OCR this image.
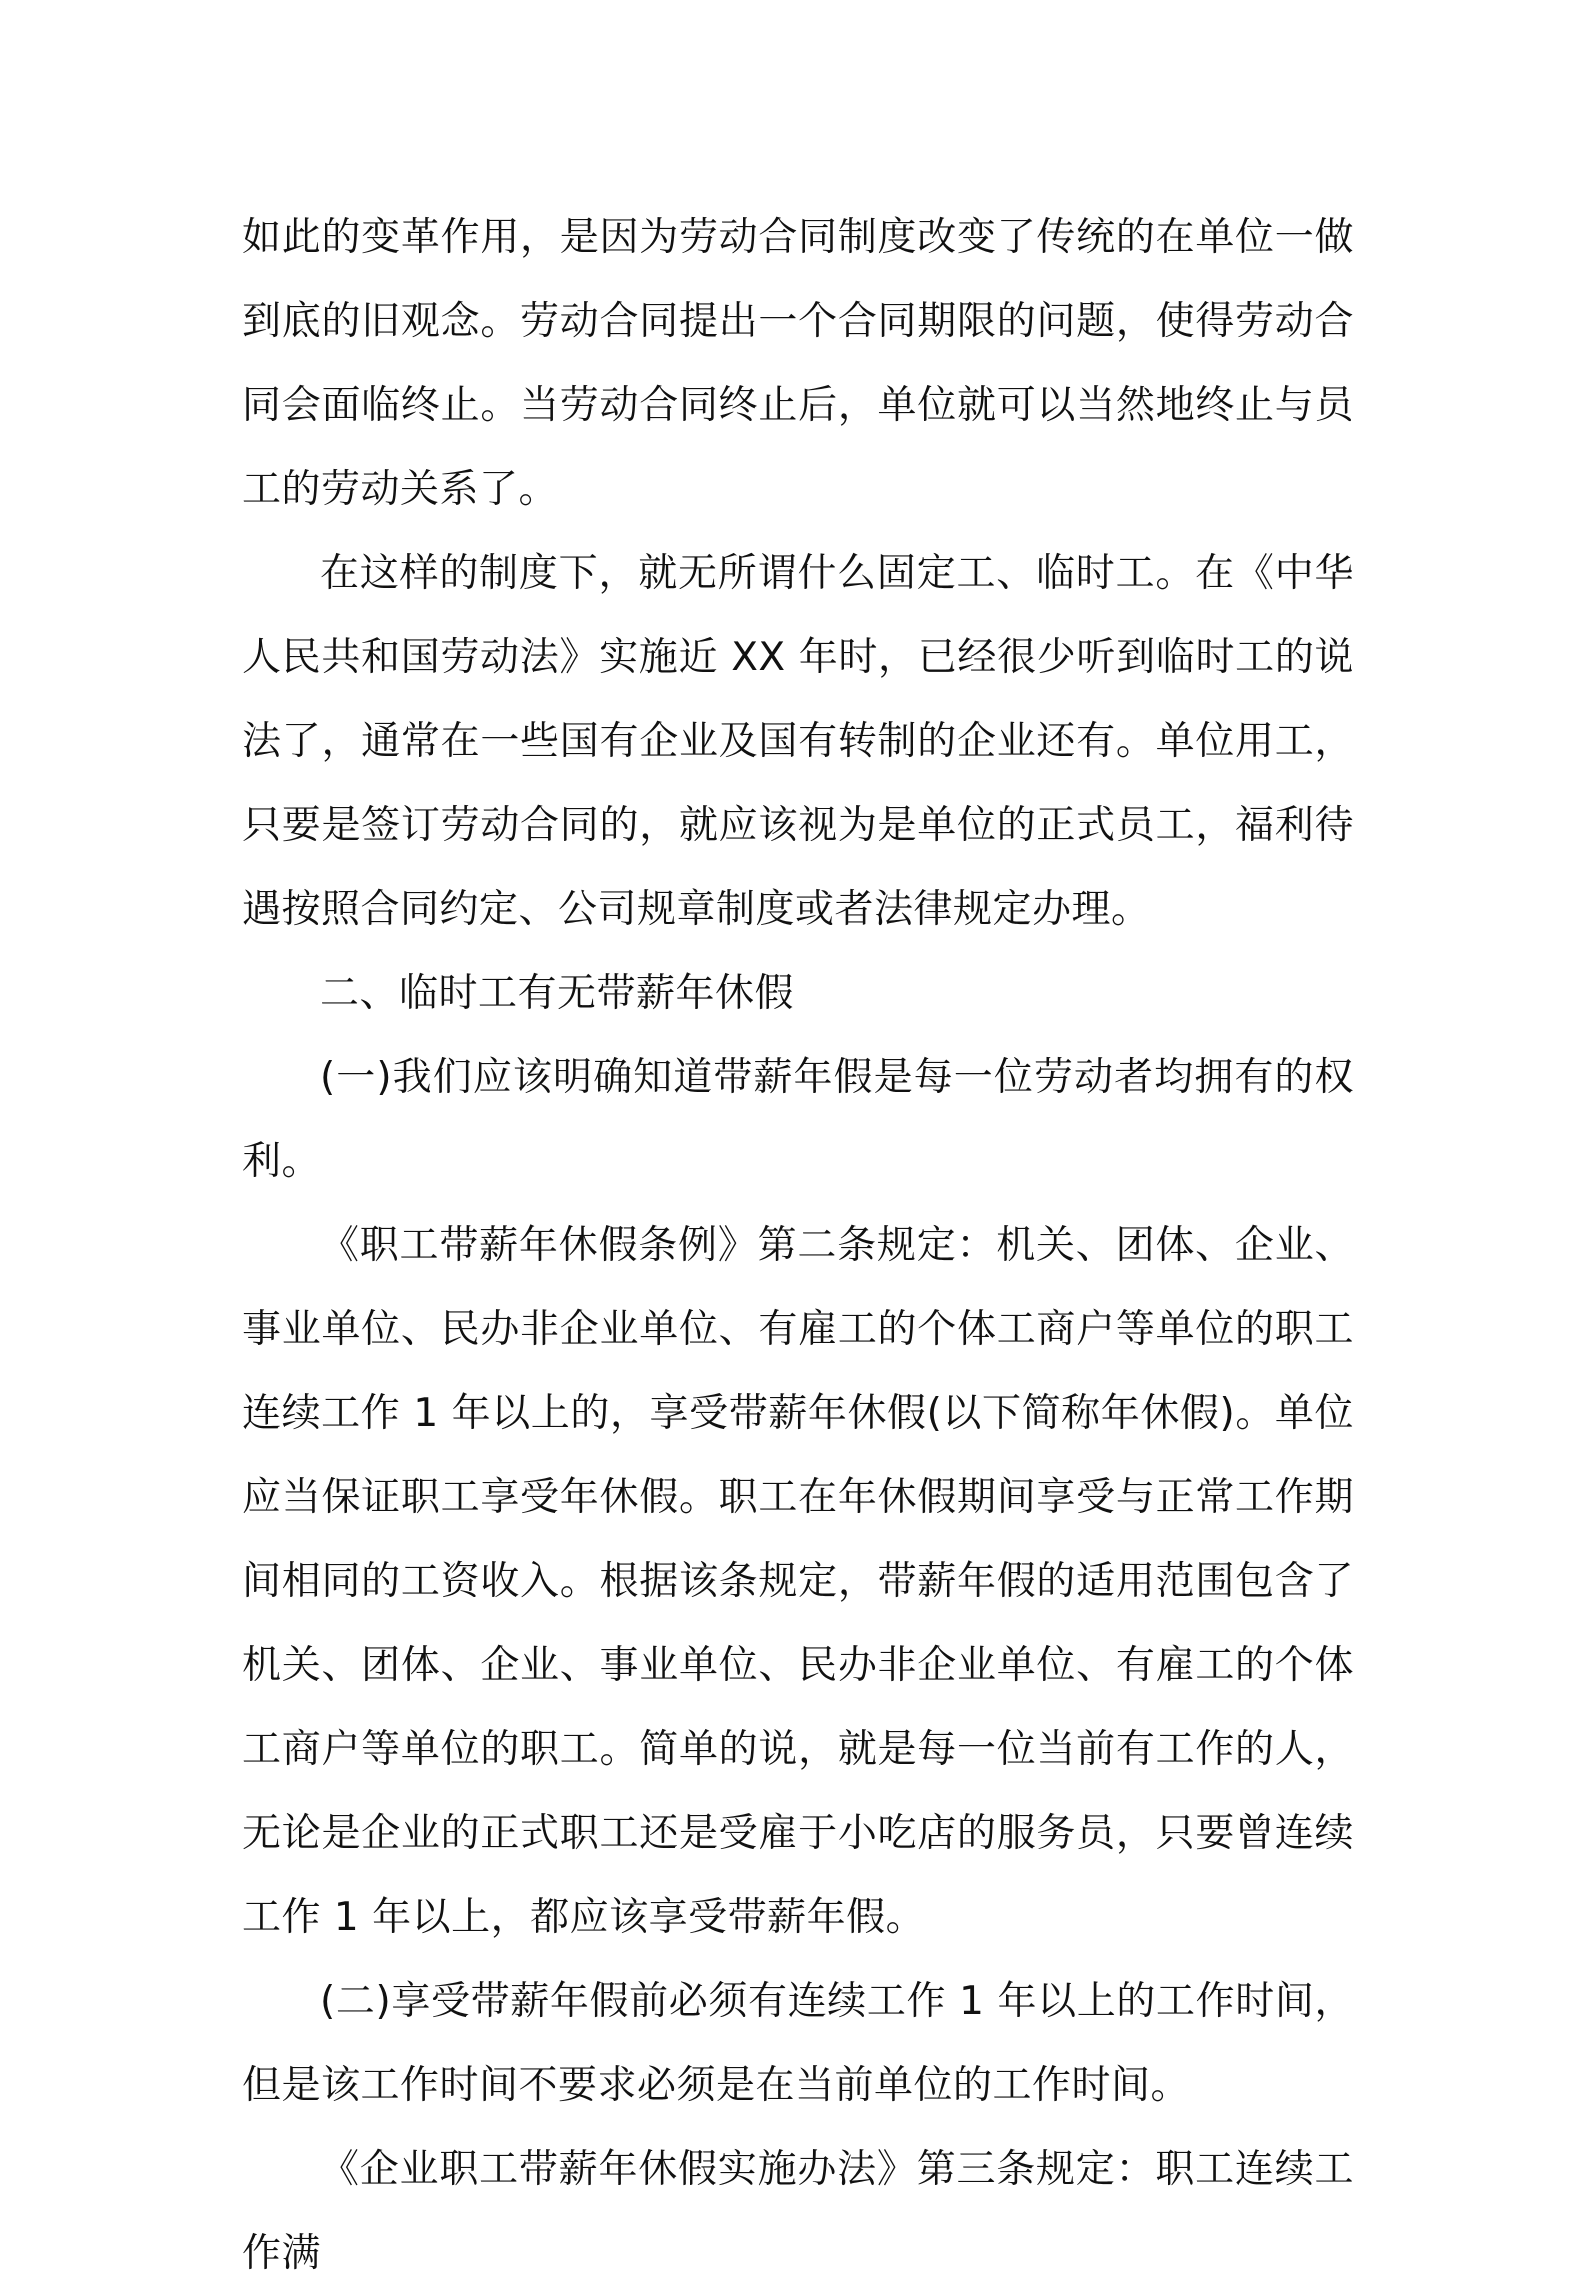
如此的变革作用，是因为劳动合同制度改变了传统的在单位一做到底的旧观念。劳动合同提出一个合同期限的问题，使得劳动合同会面临终止。当劳动合同终止后，单位就可以当然地终止与员工的劳动关系了。

在这样的制度下，就无所谓什么固定工、临时工。在《中华人民共和国劳动法》实施近 XX 年时，已经很少听到临时工的说法了，通常在一些国有企业及国有转制的企业还有。单位用工，只要是签订劳动合同的，就应该视为是单位的正式员工，福利待遇按照合同约定、公司规章制度或者法律规定办理。

二、临时工有无带薪年休假

(一)我们应该明确知道带薪年假是每一位劳动者均拥有的权利。

《职工带薪年休假条例》第二条规定：机关、团体、企业、事业单位、民办非企业单位、有雇工的个体工商户等单位的职工连续工作 1 年以上的，享受带薪年休假(以下简称年休假)。单位应当保证职工享受年休假。职工在年休假期间享受与正常工作期间相同的工资收入。根据该条规定，带薪年假的适用范围包含了机关、团体、企业、事业单位、民办非企业单位、有雇工的个体工商户等单位的职工。简单的说，就是每一位当前有工作的人，无论是企业的正式职工还是受雇于小吃店的服务员，只要曾连续工作 1 年以上，都应该享受带薪年假。

(二)享受带薪年假前必须有连续工作 1 年以上的工作时间，但是该工作时间不要求必须是在当前单位的工作时间。

《企业职工带薪年休假实施办法》第三条规定：职工连续工作满
